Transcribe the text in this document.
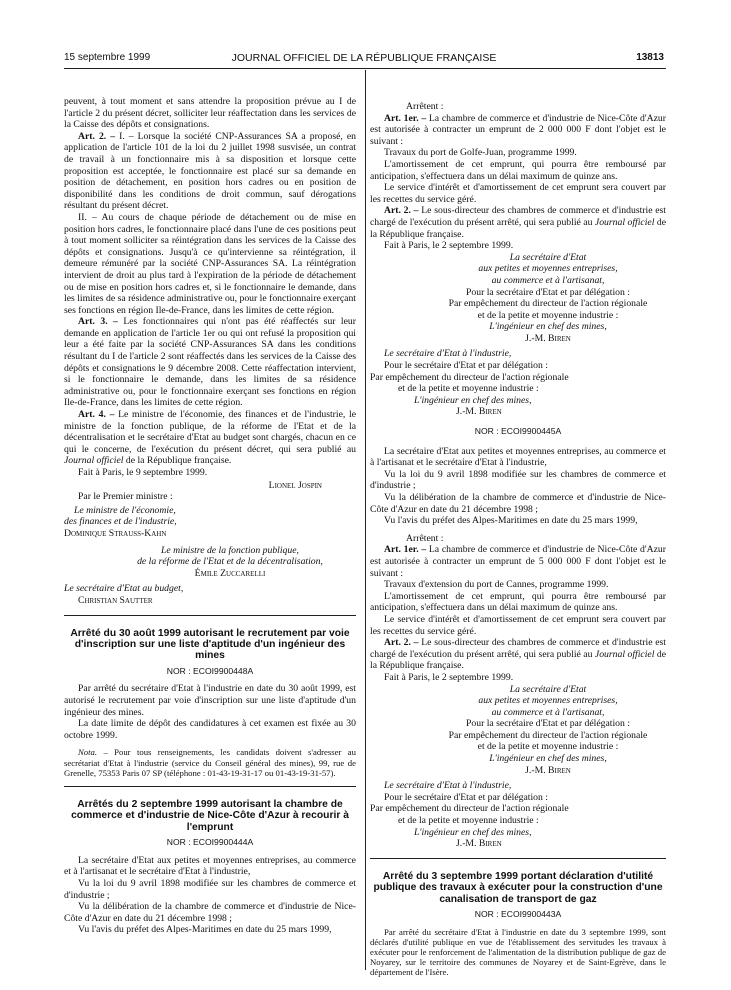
15 septembre 1999	JOURNAL OFFICIEL DE LA RÉPUBLIQUE FRANÇAISE	13813

peuvent, à tout moment et sans attendre la proposition prévue au I de l'article 2 du présent décret, solliciter leur réaffectation dans les services de la Caisse des dépôts et consignations.

Art. 2. – I. – Lorsque la société CNP-Assurances SA a proposé, en application de l'article 101 de la loi du 2 juillet 1998 susvisée, un contrat de travail à un fonctionnaire mis à sa disposition et lorsque cette proposition est acceptée, le fonctionnaire est placé sur sa demande en position de détachement, en position hors cadres ou en position de disponibilité dans les conditions de droit commun, sauf dérogations résultant du présent décret.

II. – Au cours de chaque période de détachement ou de mise en position hors cadres, le fonctionnaire placé dans l'une de ces positions peut à tout moment solliciter sa réintégration dans les services de la Caisse des dépôts et consignations. Jusqu'à ce qu'intervienne sa réintégration, il demeure rémunéré par la société CNP-Assurances SA. La réintégration intervient de droit au plus tard à l'expiration de la période de détachement ou de mise en position hors cadres et, si le fonctionnaire le demande, dans les limites de sa résidence administrative ou, pour le fonctionnaire exerçant ses fonctions en région Ile-de-France, dans les limites de cette région.

Art. 3. – Les fonctionnaires qui n'ont pas été réaffectés sur leur demande en application de l'article 1er ou qui ont refusé la proposition qui leur a été faite par la société CNP-Assurances SA dans les conditions résultant du I de l'article 2 sont réaffectés dans les services de la Caisse des dépôts et consignations le 9 décembre 2008. Cette réaffectation intervient, si le fonctionnaire le demande, dans les limites de sa résidence administrative ou, pour le fonctionnaire exerçant ses fonctions en région Ile-de-France, dans les limites de cette région.

Art. 4. – Le ministre de l'économie, des finances et de l'industrie, le ministre de la fonction publique, de la réforme de l'Etat et de la décentralisation et le secrétaire d'Etat au budget sont chargés, chacun en ce qui le concerne, de l'exécution du présent décret, qui sera publié au Journal officiel de la République française.

Fait à Paris, le 9 septembre 1999.

Lionel Jospin

Par le Premier ministre :

Le ministre de l'économie,

des finances et de l'industrie,

Dominique Strauss-Kahn

Le ministre de la fonction publique,

de la réforme de l'Etat et de la décentralisation,

Émile Zuccarelli

Le secrétaire d'Etat au budget,

Christian Sautter

Arrêté du 30 août 1999 autorisant le recrutement par voie d'inscription sur une liste d'aptitude d'un ingénieur des mines
NOR : ECOI9900448A

Par arrêté du secrétaire d'Etat à l'industrie en date du 30 août 1999, est autorisé le recrutement par voie d'inscription sur une liste d'aptitude d'un ingénieur des mines.

La date limite de dépôt des candidatures à cet examen est fixée au 30 octobre 1999.

Nota. – Pour tous renseignements, les candidats doivent s'adresser au secrétariat d'Etat à l'industrie (service du Conseil général des mines), 99, rue de Grenelle, 75353 Paris 07 SP (téléphone : 01-43-19-31-17 ou 01-43-19-31-57).

Arrêtés du 2 septembre 1999 autorisant la chambre de commerce et d'industrie de Nice-Côte d'Azur à recourir à l'emprunt
NOR : ECOI9900444A

La secrétaire d'Etat aux petites et moyennes entreprises, au commerce et à l'artisanat et le secrétaire d'Etat à l'industrie,

Vu la loi du 9 avril 1898 modifiée sur les chambres de commerce et d'industrie ;

Vu la délibération de la chambre de commerce et d'industrie de Nice-Côte d'Azur en date du 21 décembre 1998 ;

Vu l'avis du préfet des Alpes-Maritimes en date du 25 mars 1999,

Arrêtent :

Art. 1er. – La chambre de commerce et d'industrie de Nice-Côte d'Azur est autorisée à contracter un emprunt de 2 000 000 F dont l'objet est le suivant :

Travaux du port de Golfe-Juan, programme 1999.

L'amortissement de cet emprunt, qui pourra être remboursé par anticipation, s'effectuera dans un délai maximum de quinze ans.

Le service d'intérêt et d'amortissement de cet emprunt sera couvert par les recettes du service géré.

Art. 2. – Le sous-directeur des chambres de commerce et d'industrie est chargé de l'exécution du présent arrêté, qui sera publié au Journal officiel de la République française.

Fait à Paris, le 2 septembre 1999.

La secrétaire d'Etat

aux petites et moyennes entreprises,

au commerce et à l'artisanat,

Pour la secrétaire d'Etat et par délégation :

Par empêchement du directeur de l'action régionale

et de la petite et moyenne industrie :

L'ingénieur en chef des mines,

J.-M. Biren

Le secrétaire d'Etat à l'industrie,

Pour le secrétaire d'Etat et par délégation :

Par empêchement du directeur de l'action régionale

et de la petite et moyenne industrie :

L'ingénieur en chef des mines,

J.-M. Biren

NOR : ECOI9900445A

La secrétaire d'Etat aux petites et moyennes entreprises, au commerce et à l'artisanat et le secrétaire d'Etat à l'industrie,

Vu la loi du 9 avril 1898 modifiée sur les chambres de commerce et d'industrie ;

Vu la délibération de la chambre de commerce et d'industrie de Nice-Côte d'Azur en date du 21 décembre 1998 ;

Vu l'avis du préfet des Alpes-Maritimes en date du 25 mars 1999,

Arrêtent :

Art. 1er. – La chambre de commerce et d'industrie de Nice-Côte d'Azur est autorisée à contracter un emprunt de 5 000 000 F dont l'objet est le suivant :

Travaux d'extension du port de Cannes, programme 1999.

L'amortissement de cet emprunt, qui pourra être remboursé par anticipation, s'effectuera dans un délai maximum de quinze ans.

Le service d'intérêt et d'amortissement de cet emprunt sera couvert par les recettes du service géré.

Art. 2. – Le sous-directeur des chambres de commerce et d'industrie est chargé de l'exécution du présent arrêté, qui sera publié au Journal officiel de la République française.

Fait à Paris, le 2 septembre 1999.

La secrétaire d'Etat

aux petites et moyennes entreprises,

au commerce et à l'artisanat,

Pour la secrétaire d'Etat et par délégation :

Par empêchement du directeur de l'action régionale

et de la petite et moyenne industrie :

L'ingénieur en chef des mines,

J.-M. Biren

Le secrétaire d'Etat à l'industrie,

Pour le secrétaire d'Etat et par délégation :

Par empêchement du directeur de l'action régionale

et de la petite et moyenne industrie :

L'ingénieur en chef des mines,

J.-M. Biren

Arrêté du 3 septembre 1999 portant déclaration d'utilité publique des travaux à exécuter pour la construction d'une canalisation de transport de gaz
NOR : ECOI9900443A

Par arrêté du secrétaire d'Etat à l'industrie en date du 3 septembre 1999, sont déclarés d'utilité publique en vue de l'établissement des servitudes les travaux à exécuter pour le renforcement de l'alimentation de la distribution publique de gaz de Noyarey, sur le territoire des communes de Noyarey et de Saint-Egrève, dans le département de l'Isère.
